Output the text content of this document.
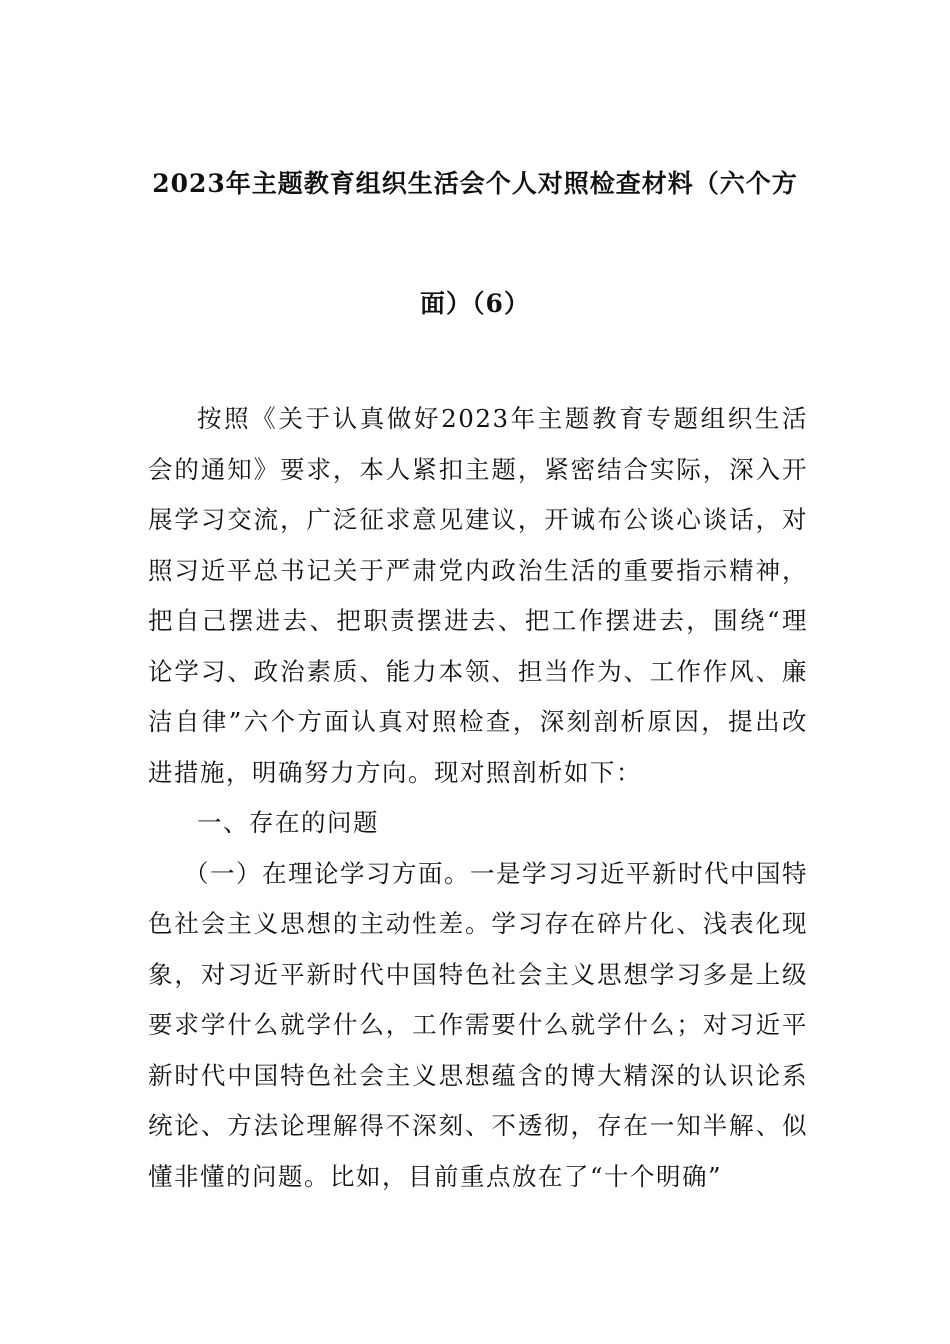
2023年主题教育组织生活会个人对照检查材料（六个方
面）（6）

按照《关于认真做好2023年主题教育专题组织生活会的通知》要求，本人紧扣主题，紧密结合实际，深入开展学习交流，广泛征求意见建议，开诚布公谈心谈话，对照习近平总书记关于严肃党内政治生活的重要指示精神，把自己摆进去、把职责摆进去、把工作摆进去，围绕“理论学习、政治素质、能力本领、担当作为、工作作风、廉洁自律”六个方面认真对照检查，深刻剖析原因，提出改进措施，明确努力方向。现对照剖析如下：

一、存在的问题

（一）在理论学习方面。一是学习习近平新时代中国特色社会主义思想的主动性差。学习存在碎片化、浅表化现象，对习近平新时代中国特色社会主义思想学习多是上级要求学什么就学什么，工作需要什么就学什么；对习近平新时代中国特色社会主义思想蕴含的博大精深的认识论系统论、方法论理解得不深刻、不透彻，存在一知半解、似懂非懂的问题。比如，目前重点放在了“十个明确”
